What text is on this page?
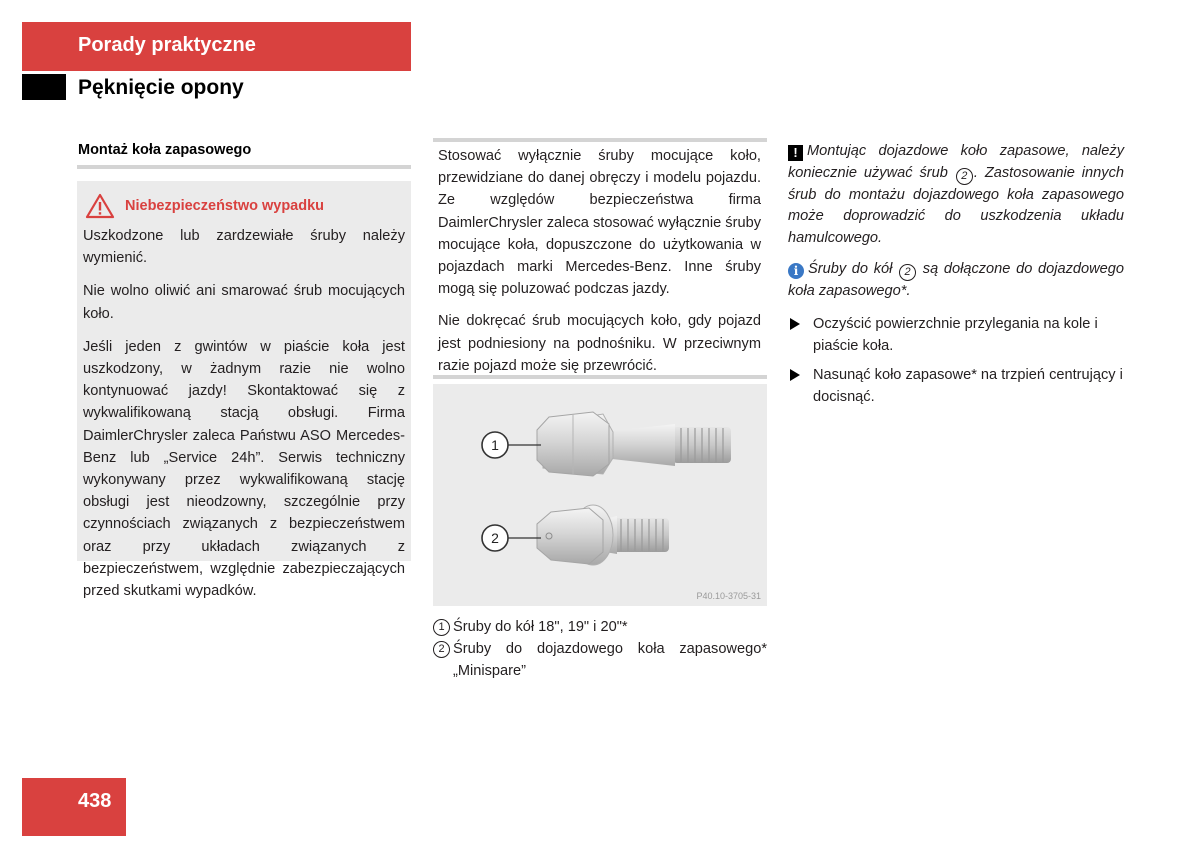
Porady praktyczne
Pęknięcie opony
Montaż koła zapasowego
Niebezpieczeństwo wypadku

Uszkodzone lub zardzewiałe śruby należy wymienić.

Nie wolno oliwić ani smarować śrub mocujących koło.

Jeśli jeden z gwintów w piaście koła jest uszkodzony, w żadnym razie nie wolno kontynuować jazdy! Skontaktować się z wykwalifikowaną stacją obsługi. Firma DaimlerChrysler zaleca Państwu ASO Mercedes-Benz lub „Service 24h”. Serwis techniczny wykonywany przez wykwalifikowaną stację obsługi jest nieodzowny, szczególnie przy czynnościach związanych z bezpieczeństwem oraz przy układach związanych z bezpieczeństwem, względnie zabezpieczających przed skutkami wypadków.

Stosować wyłącznie śruby mocujące koło, przewidziane do danej obręczy i modelu pojazdu. Ze względów bezpieczeństwa firma DaimlerChrysler zaleca stosować wyłącznie śruby mocujące koła, dopuszczone do użytkowania w pojazdach marki Mercedes-Benz. Inne śruby mogą się poluzować podczas jazdy.

Nie dokręcać śrub mocujących koło, gdy pojazd jest podniesiony na podnośniku. W przeciwnym razie pojazd może się przewrócić.

1
2
P40.10-3705-31
1 Śruby do kół 18", 19" i 20"*
2 Śruby do dojazdowego koła zapasowego* „Minispare”

! Montując dojazdowe koło zapasowe, należy koniecznie używać śrub 2 . Zastosowanie innych śrub do montażu dojazdowego koła zapasowego może doprowadzić do uszkodzenia układu hamulcowego.

i Śruby do kół 2 są dołączone do dojazdowego koła zapasowego*.

Oczyścić powierzchnie przylegania na kole i piaście koła.
Nasunąć koło zapasowe* na trzpień centrujący i docisnąć.
438
